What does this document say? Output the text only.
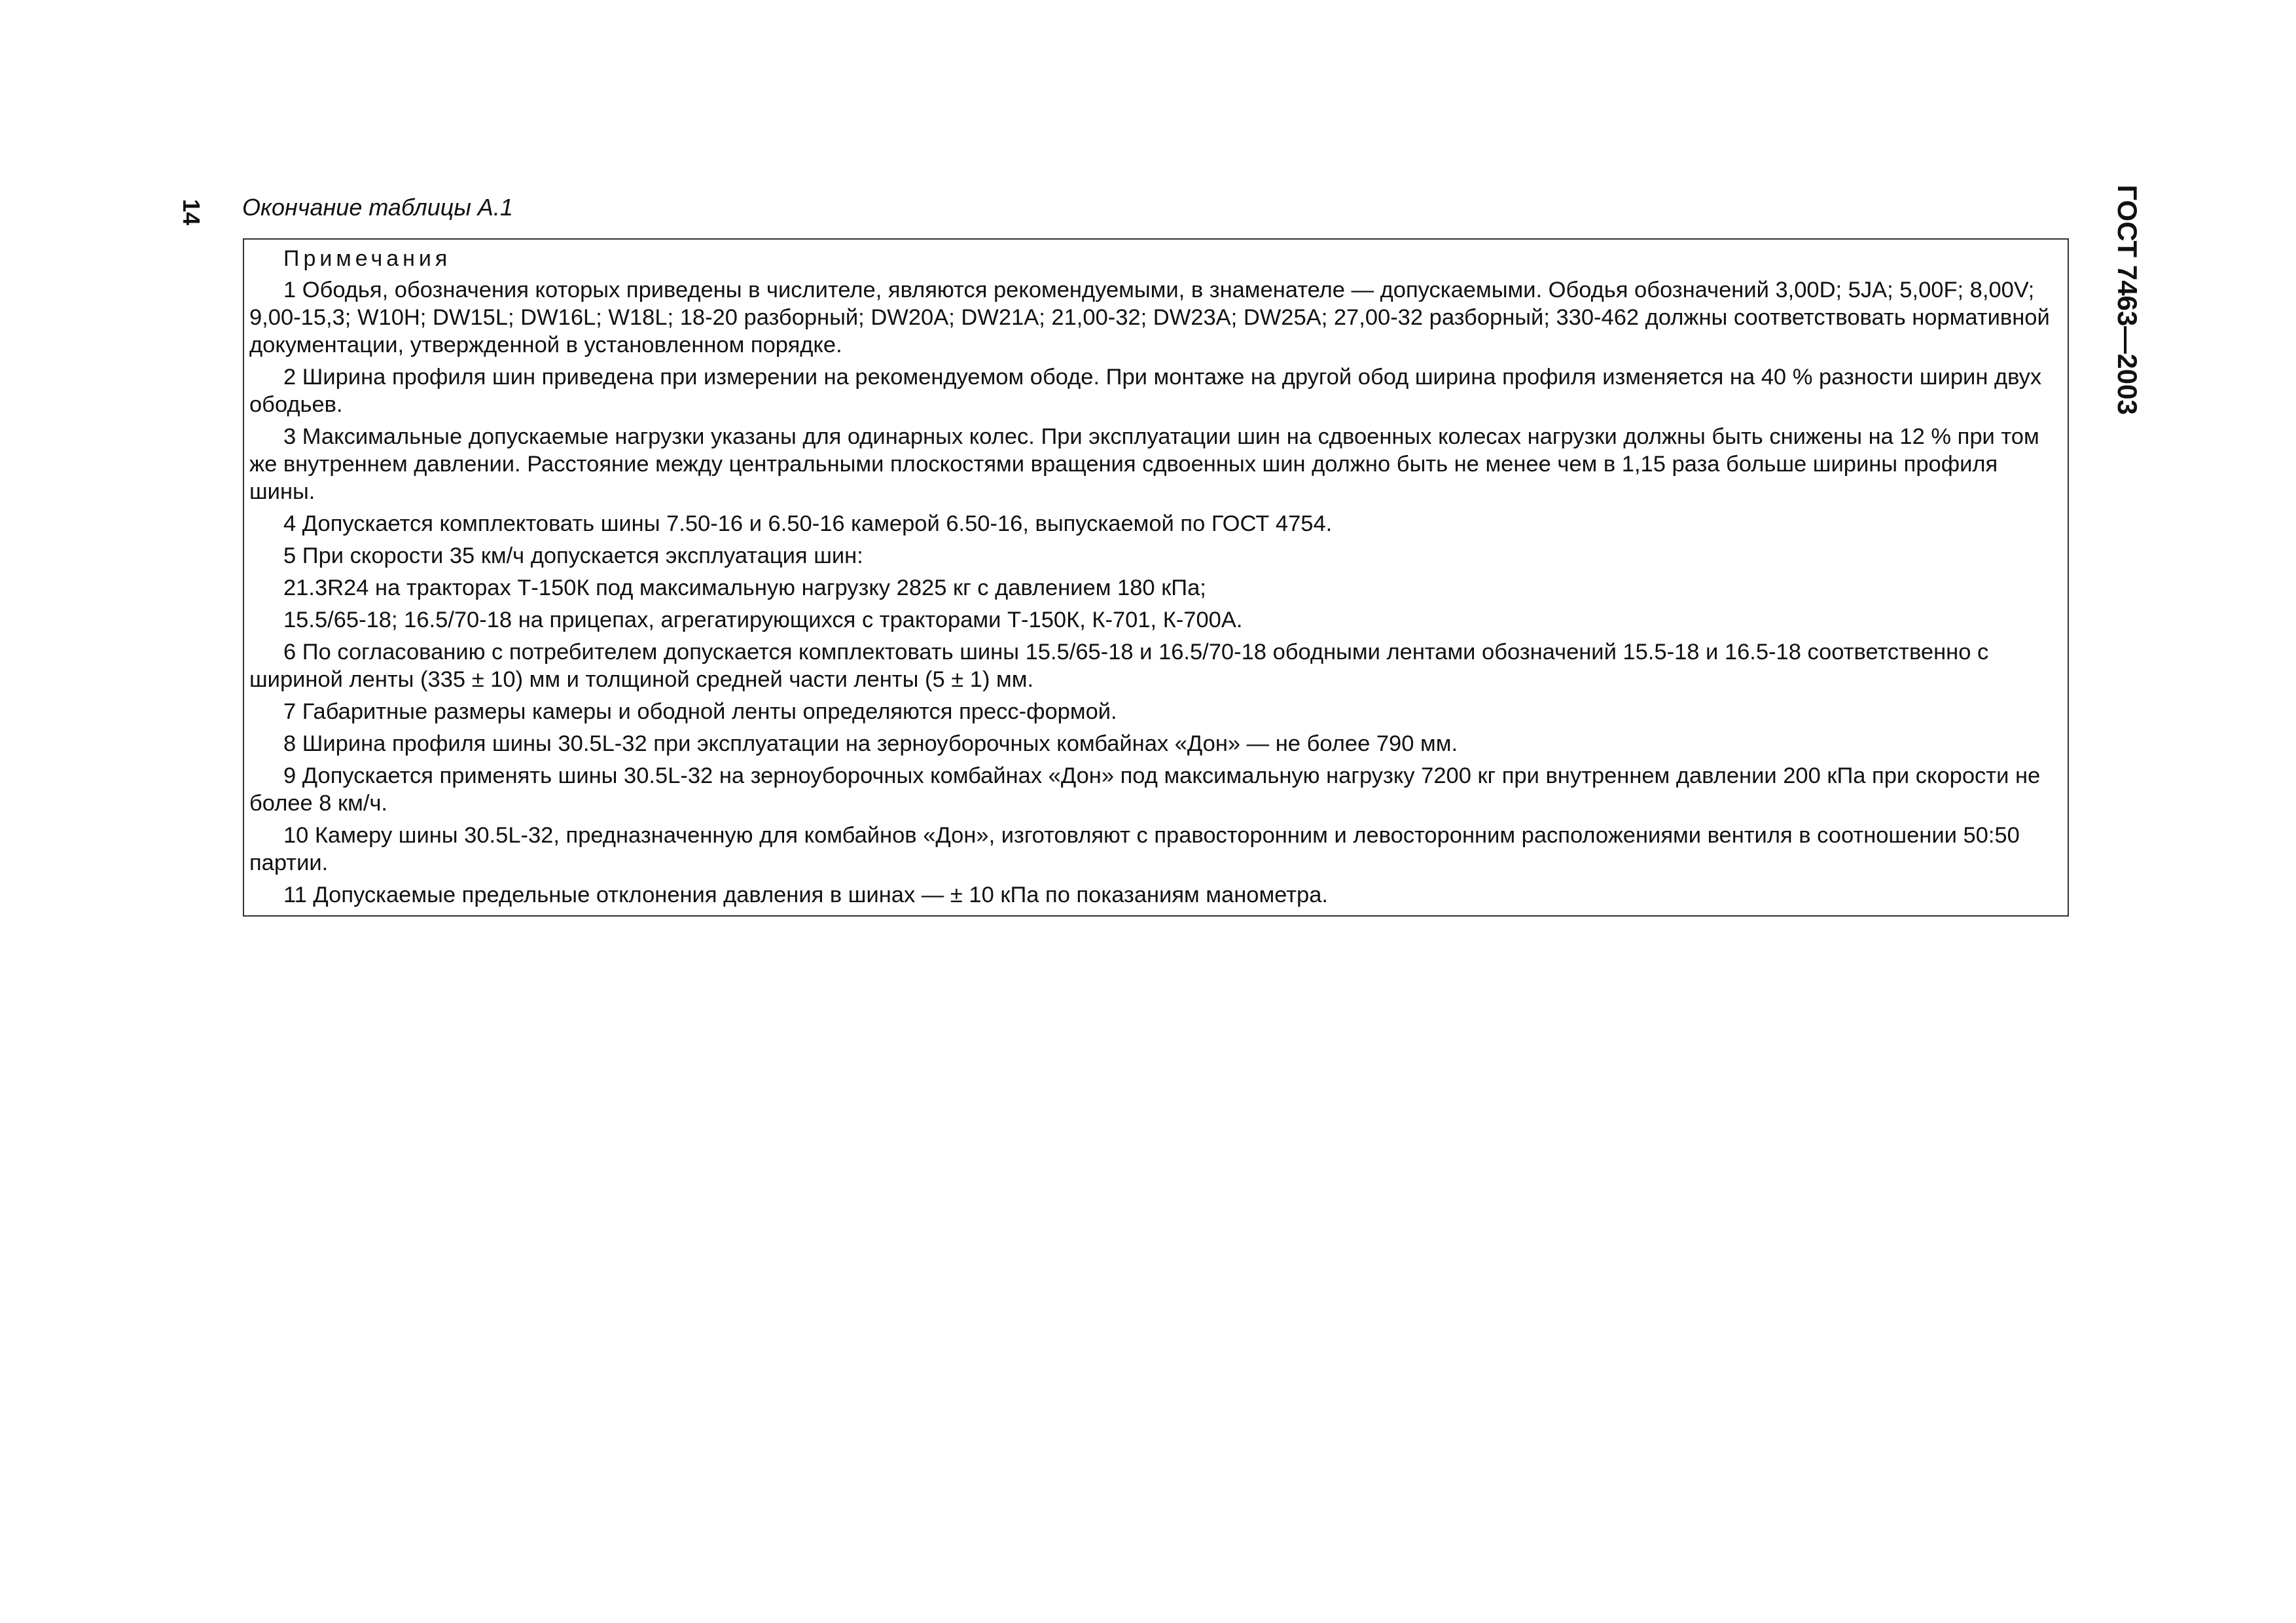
14 Окончание таблицы А.1	ГОСТ 7463—2003
Примечания
1 Ободья, обозначения которых приведены в числителе, являются рекомендуемыми, в знаменателе — допускаемыми. Ободья обозначений 3,00D; 5JA; 5,00F; 8,00V; 9,00-15,3; W10H; DW15L; DW16L; W18L; 18-20 разборный; DW20A; DW21A; 21,00-32; DW23A; DW25A; 27,00-32 разборный; 330-462 должны соответствовать нормативной документации, утвержденной в установленном порядке.
2 Ширина профиля шин приведена при измерении на рекомендуемом ободе. При монтаже на другой обод ширина профиля изменяется на 40 % разности ширин двух ободьев.
3 Максимальные допускаемые нагрузки указаны для одинарных колес. При эксплуатации шин на сдвоенных колесах нагрузки должны быть снижены на 12 % при том же внутреннем давлении. Расстояние между центральными плоскостями вращения сдвоенных шин должно быть не менее чем в 1,15 раза больше ширины профиля шины.
4 Допускается комплектовать шины 7.50-16 и 6.50-16 камерой 6.50-16, выпускаемой по ГОСТ 4754.
5 При скорости 35 км/ч допускается эксплуатация шин:
21.3R24 на тракторах Т-150К под максимальную нагрузку 2825 кг с давлением 180 кПа;
15.5/65-18; 16.5/70-18 на прицепах, агрегатирующихся с тракторами Т-150К, К-701, К-700А.
6 По согласованию с потребителем допускается комплектовать шины 15.5/65-18 и 16.5/70-18 ободными лентами обозначений 15.5-18 и 16.5-18 соответственно с шириной ленты (335 ± 10) мм и толщиной средней части ленты (5 ± 1) мм.
7 Габаритные размеры камеры и ободной ленты определяются пресс-формой.
8 Ширина профиля шины 30.5L-32 при эксплуатации на зерноуборочных комбайнах «Дон» — не более 790 мм.
9 Допускается применять шины 30.5L-32 на зерноуборочных комбайнах «Дон» под максимальную нагрузку 7200 кг при внутреннем давлении 200 кПа при скорости не более 8 км/ч.
10 Камеру шины 30.5L-32, предназначенную для комбайнов «Дон», изготовляют с правосторонним и левосторонним расположениями вентиля в соотношении 50:50 партии.
11 Допускаемые предельные отклонения давления в шинах — ± 10 кПа по показаниям манометра.
